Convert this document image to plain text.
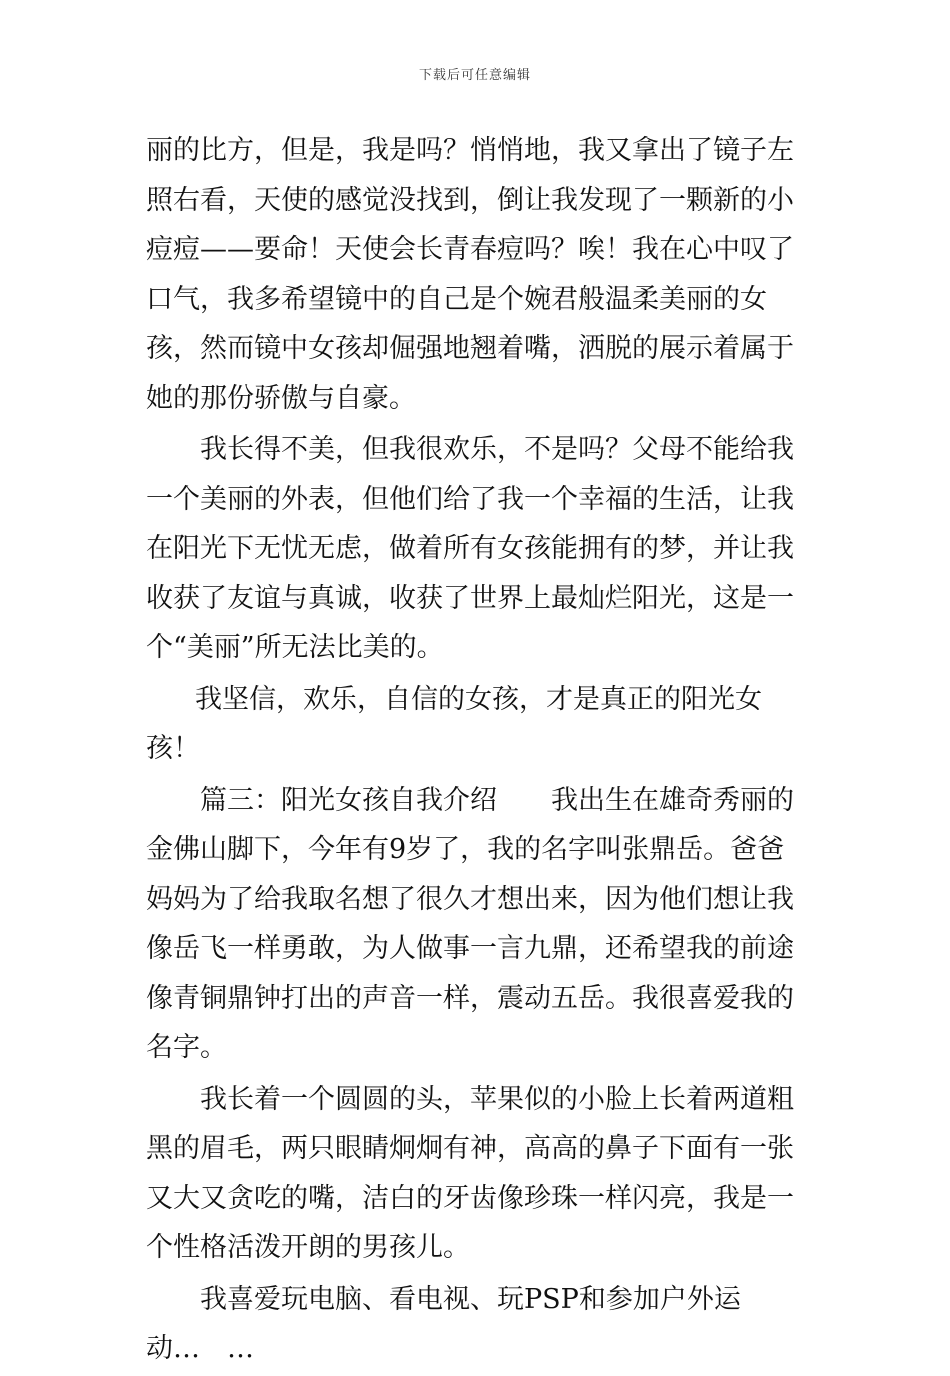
下载后可任意编辑

丽的比方，但是，我是吗？悄悄地，我又拿出了镜子左照右看，天使的感觉没找到，倒让我发现了一颗新的小痘痘——要命！天使会长青春痘吗？唉！我在心中叹了口气，我多希望镜中的自己是个婉君般温柔美丽的女孩，然而镜中女孩却倔强地翘着嘴，洒脱的展示着属于她的那份骄傲与自豪。

我长得不美，但我很欢乐，不是吗？父母不能给我一个美丽的外表，但他们给了我一个幸福的生活，让我在阳光下无忧无虑，做着所有女孩能拥有的梦，并让我收获了友谊与真诚，收获了世界上最灿烂阳光，这是一个“美丽”所无法比美的。

我坚信，欢乐，自信的女孩，才是真正的阳光女孩！

篇三：阳光女孩自我介绍　　我出生在雄奇秀丽的金佛山脚下，今年有9岁了，我的名字叫张鼎岳。爸爸妈妈为了给我取名想了很久才想出来，因为他们想让我像岳飞一样勇敢，为人做事一言九鼎，还希望我的前途像青铜鼎钟打出的声音一样，震动五岳。我很喜爱我的名字。

我长着一个圆圆的头，苹果似的小脸上长着两道粗黑的眉毛，两只眼睛炯炯有神，高高的鼻子下面有一张又大又贪吃的嘴，洁白的牙齿像珍珠一样闪亮，我是一个性格活泼开朗的男孩儿。

我喜爱玩电脑、看电视、玩PSP和参加户外运动…　…
